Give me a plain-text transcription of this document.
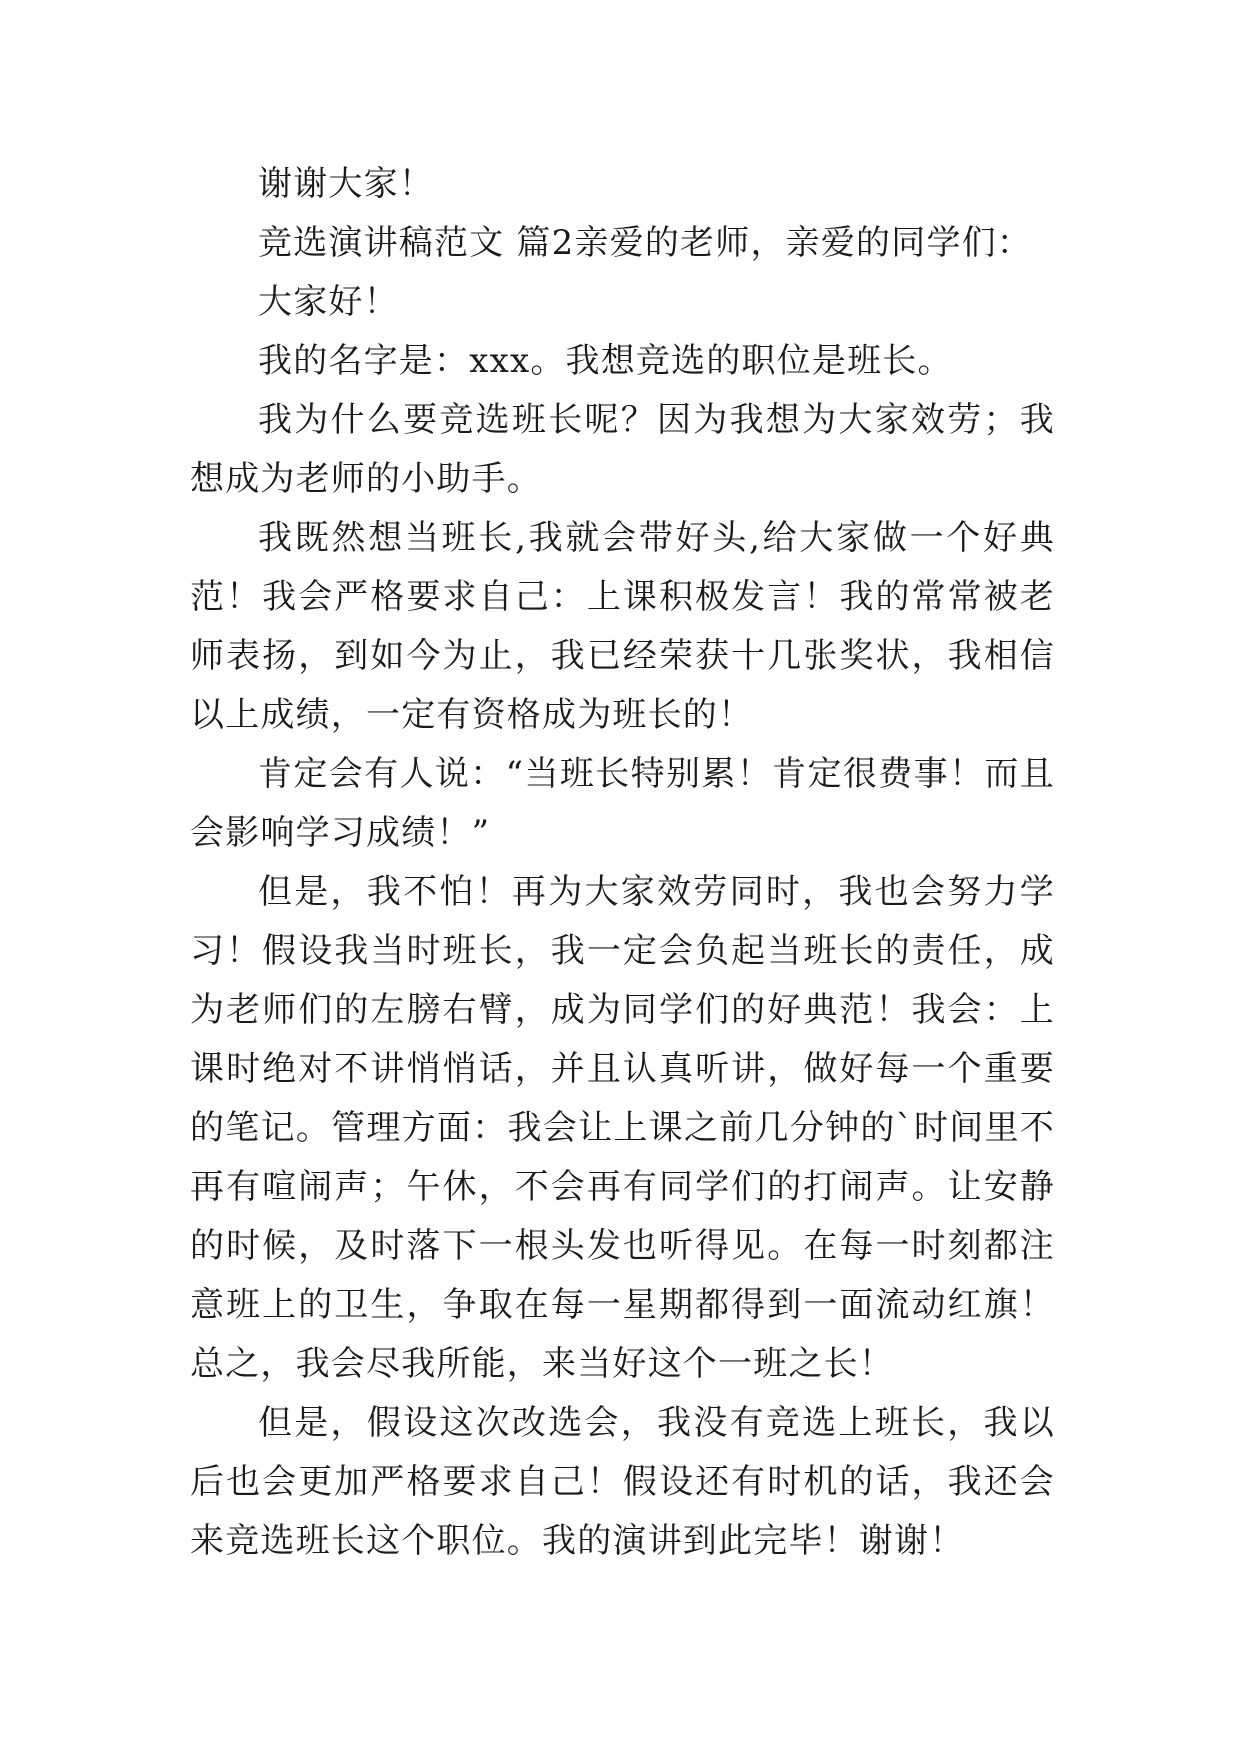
谢谢大家！

竞选演讲稿范文 篇2亲爱的老师，亲爱的同学们：

大家好！

我的名字是：xxx。我想竞选的职位是班长。

我为什么要竞选班长呢？因为我想为大家效劳；我想成为老师的小助手。

我既然想当班长,我就会带好头,给大家做一个好典范！我会严格要求自己：上课积极发言！我的常常被老师表扬，到如今为止，我已经荣获十几张奖状，我相信以上成绩，一定有资格成为班长的！

肯定会有人说：“当班长特别累！肯定很费事！而且会影响学习成绩！”

但是，我不怕！再为大家效劳同时，我也会努力学习！假设我当时班长，我一定会负起当班长的责任，成为老师们的左膀右臂，成为同学们的好典范！我会：上课时绝对不讲悄悄话，并且认真听讲，做好每一个重要的笔记。管理方面：我会让上课之前几分钟的`时间里不再有喧闹声；午休，不会再有同学们的打闹声。让安静的时候，及时落下一根头发也听得见。在每一时刻都注意班上的卫生，争取在每一星期都得到一面流动红旗！总之，我会尽我所能，来当好这个一班之长！

但是，假设这次改选会，我没有竞选上班长，我以后也会更加严格要求自己！假设还有时机的话，我还会来竞选班长这个职位。我的演讲到此完毕！谢谢！
